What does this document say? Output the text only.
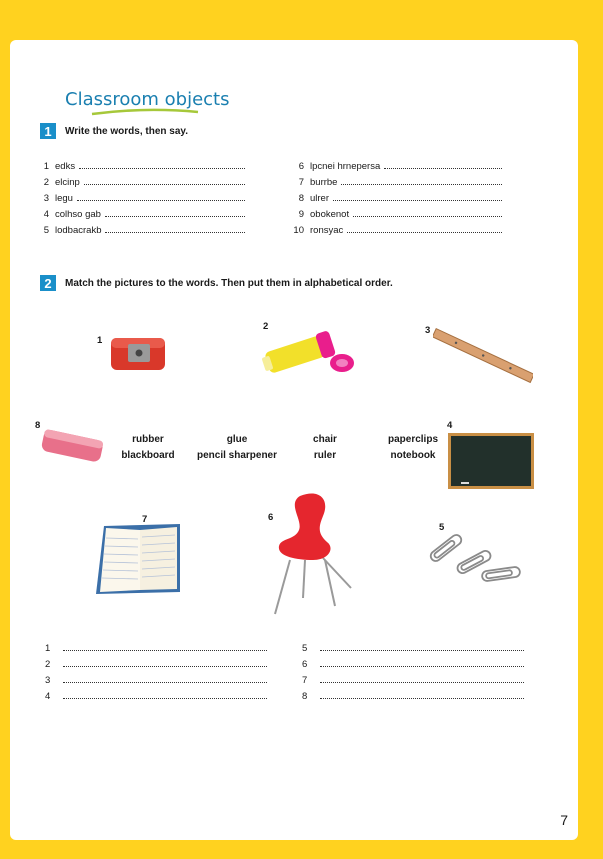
Classroom objects
1	Write the words, then say.
1 edks
2 elcinp
3 legu
4 colhso gab
5 lodbacrakb
6 lpcnei hrnepersa
7 burrbe
8 ulrer
9 obokenot
10 ronsyac
2	Match the pictures to the words. Then put them in alphabetical order.
1
2	3
8
rubber	glue	chair	paperclips
blackboard	pencil sharpener	ruler	notebook
4
7	6
5
1
2
3
4
5
6
7
8
7
